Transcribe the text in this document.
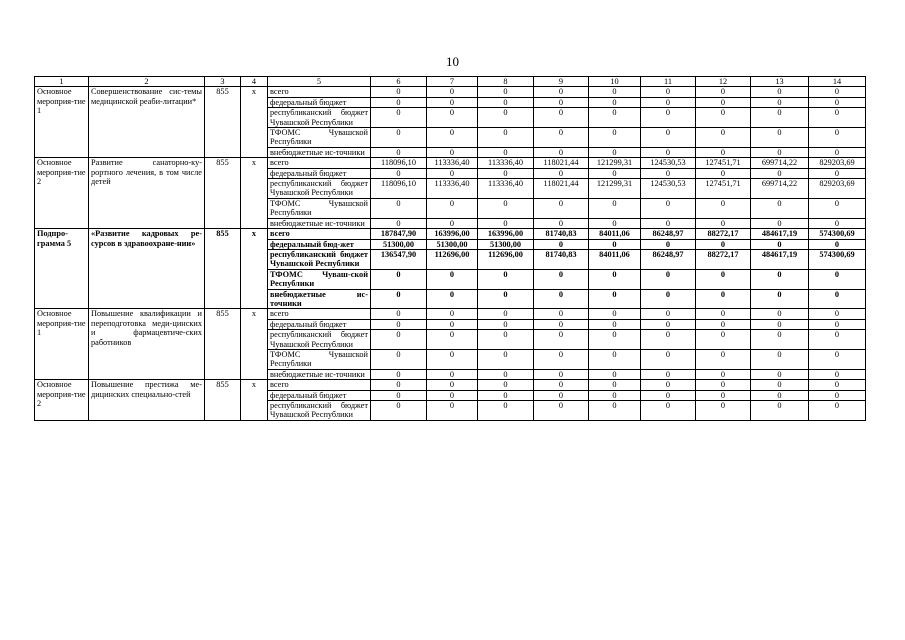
10
1	2	3	4	5	6	7	8	9	10	11	12	13	14
Основное мероприя-тие 1	Совершенствование сис-темы медицинской реаби-литации*	855	x	всего	0	0	0	0	0	0	0	0	0
				федеральный бюджет	0	0	0	0	0	0	0	0	0
				республиканский бюджет Чувашской Республики	0	0	0	0	0	0	0	0	0
				ТФОМС Чувашской Республики	0	0	0	0	0	0	0	0	0
				внебюджетные ис-точники	0	0	0	0	0	0	0	0	0
Основное мероприя-тие 2	Развитие санаторно-ку-рортного лечения, в том числе детей	855	x	всего	118096,10	113336,40	113336,40	118021,44	121299,31	124530,53	127451,71	699714,22	829203,69
				федеральный бюджет	0	0	0	0	0	0	0	0	0
				республиканский бюджет Чувашской Республики	118096,10	113336,40	113336,40	118021,44	121299,31	124530,53	127451,71	699714,22	829203,69
				ТФОМС Чувашской Республики	0	0	0	0	0	0	0	0	0
				внебюджетные ис-точники	0	0	0	0	0	0	0	0	0
Подпро-грамма 5	«Развитие кадровых ре-сурсов в здравоохране-нии»	855	x	всего	187847,90	163996,00	163996,00	81740,83	84011,06	86248,97	88272,17	484617,19	574300,69
				федеральный бюд-жет	51300,00	51300,00	51300,00	0	0	0	0	0	0
				республиканский бюджет Чувашской Республики	136547,90	112696,00	112696,00	81740,83	84011,06	86248,97	88272,17	484617,19	574300,69
				ТФОМС Чуваш-ской Республики	0	0	0	0	0	0	0	0	0
				внебюджетные ис-точники	0	0	0	0	0	0	0	0	0
Основное мероприя-тие 1	Повышение квалификации и переподготовка меди-цинских и фармацевтиче-ских работников	855	x	всего	0	0	0	0	0	0	0	0	0
				федеральный бюджет	0	0	0	0	0	0	0	0	0
				республиканский бюджет Чувашской Республики	0	0	0	0	0	0	0	0	0
				ТФОМС Чувашской Республики	0	0	0	0	0	0	0	0	0
				внебюджетные ис-точники	0	0	0	0	0	0	0	0	0
Основное мероприя-тие 2	Повышение престижа ме-дицинских специально-стей	855	x	всего	0	0	0	0	0	0	0	0	0
				федеральный бюджет	0	0	0	0	0	0	0	0	0
				республиканский бюджет Чувашской Республики	0	0	0	0	0	0	0	0	0
